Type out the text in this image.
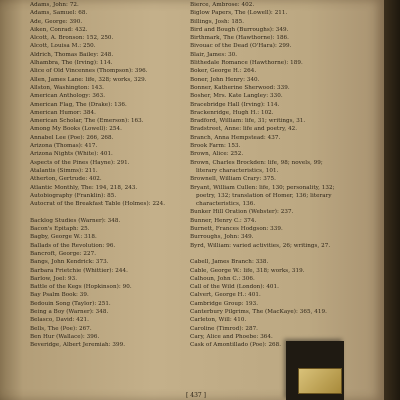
Adams, John: 72.
Adams, Samuel: 68.
Ade, George: 390.
Aiken, Conrad: 432.
Alcott, A. Bronson: 152, 250.
Alcott, Louisa M.: 250.
Aldrich, Thomas Bailey: 248.
Alhambra, The (Irving): 114.
Alice of Old Vincennes (Thompson): 396.
Allen, James Lane: life, 328; works, 329.
Allston, Washington: 143.
American Anthology: 363.
American Flag, The (Drake): 136.
American Humor: 384.
American Scholar, The (Emerson): 163.
Among My Books (Lowell): 254.
Annabel Lee (Poe): 266, 268.
Arizona (Thomas): 417.
Arizona Nights (White): 401.
Aspects of the Pines (Hayne): 291.
Atalantis (Simms): 211.
Atherton, Gertrude: 402.
Atlantic Monthly, The: 194, 218, 243.
Autobiography (Franklin): 85.
Autocrat of the Breakfast Table (Holmes): 224.
Backlog Studies (Warner): 348.
Bacon's Epitaph: 25.
Bagby, George W.: 318.
Ballads of the Revolution: 96.
Bancroft, George: 227.
Bangs, John Kendrick: 373.
Barbara Frietchie (Whittier): 244.
Barlow, Joel: 93.
Battle of the Kegs (Hopkinson): 90.
Bay Psalm Book: 39.
Bedouin Song (Taylor): 251.
Being a Boy (Warner): 348.
Belasco, David: 421.
Bells, The (Poe): 267.
Ben Hur (Wallace): 396.
Beveridge, Albert Jeremiah: 399.
Bierce, Ambrose: 402.
Biglow Papers, The (Lowell): 211.
Billings, Josh: 185.
Bird and Bough (Burroughs): 349.
Birthmark, The (Hawthorne): 186.
Bivouac of the Dead (O'Hara): 299.
Blair, James: 30.
Blithedale Romance (Hawthorne): 189.
Boker, George H.: 264.
Boner, John Henry: 340.
Bonner, Katherine Sherwood: 339.
Bosher, Mrs. Kate Langley: 330.
Bracebridge Hall (Irving): 114.
Brackenridge, Hugh H.: 102.
Bradford, William: life, 31; writings, 31.
Bradstreet, Anne: life and poetry, 42.
Branch, Anna Hempstead: 437.
Brook Farm: 153.
Brown, Alice: 252.
Brown, Charles Brockden: life, 98; novels, 99; literary characteristics, 101.
Brownell, William Crary: 375.
Bryant, William Cullen: life, 130; personality, 132; poetry, 132; translation of Homer, 136; literary characteristics, 136.
Bunker Hill Oration (Webster): 237.
Bunner, Henry C.: 374.
Burnett, Frances Hodgson: 339.
Burroughs, John: 349.
Byrd, William: varied activities, 26; writings, 27.
Cabell, James Branch: 338.
Cable, George W.: life, 318; works, 319.
Calhoun, John C.: 306.
Call of the Wild (London): 401.
Calvert, George H.: 401.
Cambridge Group: 193.
Canterbury Pilgrims, The (MacKaye): 365, 419.
Carleton, Will: 410.
Caroline (Timrod): 287.
Cary, Alice and Phoebe: 364.
Cask of Amontillado (Poe): 268.
[ 437 ]
